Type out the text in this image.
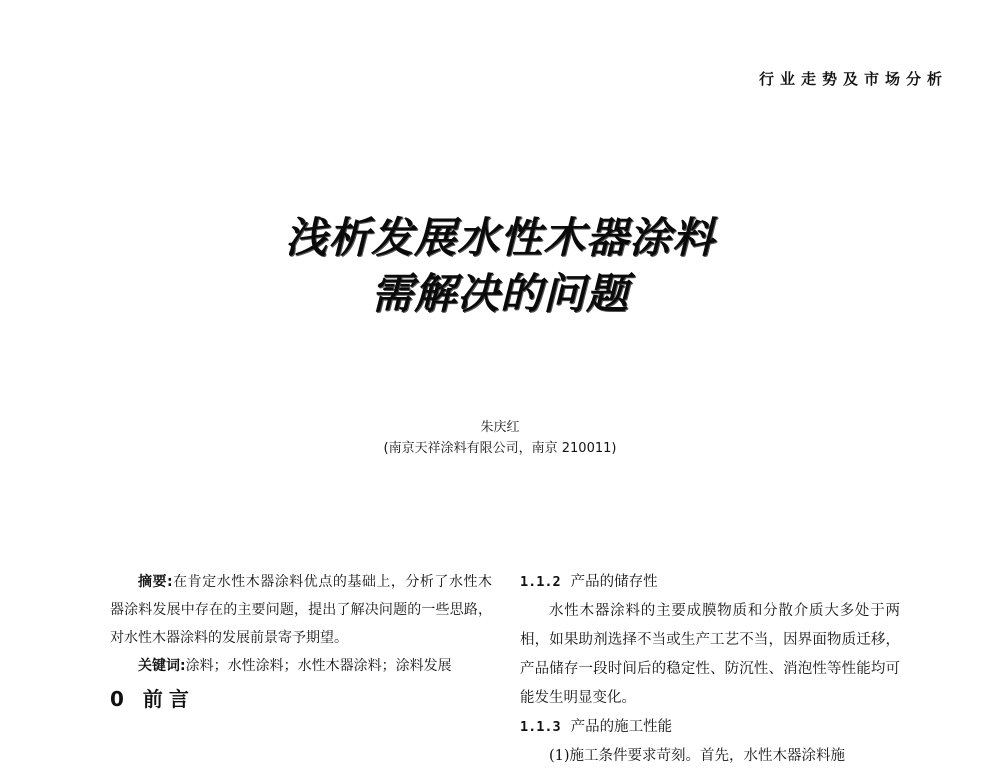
行业走势及市场分析
浅析发展水性木器涂料
需解决的问题
朱庆红
(南京天祥涂料有限公司，南京 210011)

摘要:在肯定水性木器涂料优点的基础上，分析了水性木器涂料发展中存在的主要问题，提出了解决问题的一些思路，对水性木器涂料的发展前景寄予期望。

关键词:涂料；水性涂料；水性木器涂料；涂料发展

0 前言

1.1.2 产品的储存性

水性木器涂料的主要成膜物质和分散介质大多处于两相，如果助剂选择不当或生产工艺不当，因界面物质迁移，产品储存一段时间后的稳定性、防沉性、消泡性等性能均可能发生明显变化。

1.1.3 产品的施工性能

(1)施工条件要求苛刻。首先，水性木器涂料施
